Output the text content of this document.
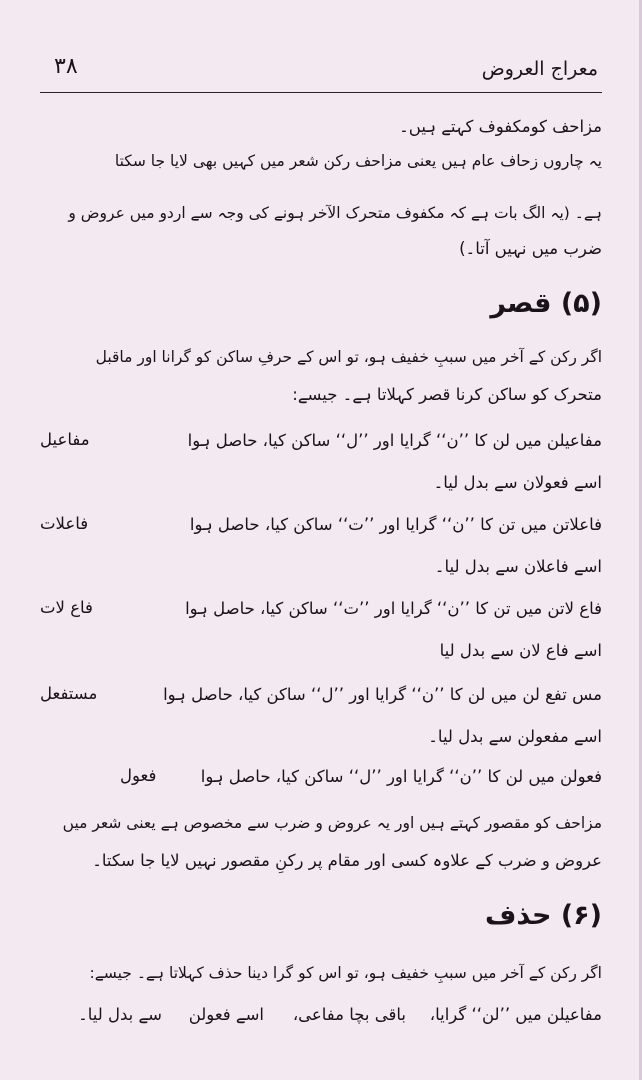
۳۸	معراج العروض
مزاحف کومکفوف کہتے ہیں۔
یہ چاروں زحاف عام ہیں یعنی مزاحف رکن شعر میں کہیں بھی لایا جا سکتا
ہے۔ (یہ الگ بات ہے کہ مکفوف متحرک الآخر ہونے کی وجہ سے اردو میں عروض و
ضرب میں نہیں آتا۔)
(۵) قصر
اگر رکن کے آخر میں سببِ خفیف ہو، تو اس کے حرفِ ساکن کو گرانا اور ماقبل
متحرک کو ساکن کرنا قصر کہلاتا ہے۔ جیسے:
مفاعیلن میں لن کا ’’ن‘‘ گرایا اور ’’ل‘‘ ساکن کیا، حاصل ہوا
مفاعیل
اسے فعولان سے بدل لیا۔
فاعلاتن میں تن کا ’’ن‘‘ گرایا اور ’’ت‘‘ ساکن کیا، حاصل ہوا
فاعلات
اسے فاعلان سے بدل لیا۔
فاع لاتن میں تن کا ’’ن‘‘ گرایا اور ’’ت‘‘ ساکن کیا، حاصل ہوا
فاع لات
اسے فاع لان سے بدل لیا
مس تفع لن میں لن کا ’’ن‘‘ گرایا اور ’’ل‘‘ ساکن کیا، حاصل ہوا
مستفعل
اسے مفعولن سے بدل لیا۔
فعولن میں لن کا ’’ن‘‘ گرایا اور ’’ل‘‘ ساکن کیا، حاصل ہوا
فعول
مزاحف کو مقصور کہتے ہیں اور یہ عروض و ضرب سے مخصوص ہے یعنی شعر میں
عروض و ضرب کے علاوہ کسی اور مقام پر رکنِ مقصور نہیں لایا جا سکتا۔
(۶) حذف
اگر رکن کے آخر میں سببِ خفیف ہو، تو اس کو گرا دینا حذف کہلاتا ہے۔ جیسے:
مفاعیلن میں ’’لن‘‘ گرایا،
باقی بچا مفاعی،
اسے فعولن
سے بدل لیا۔
